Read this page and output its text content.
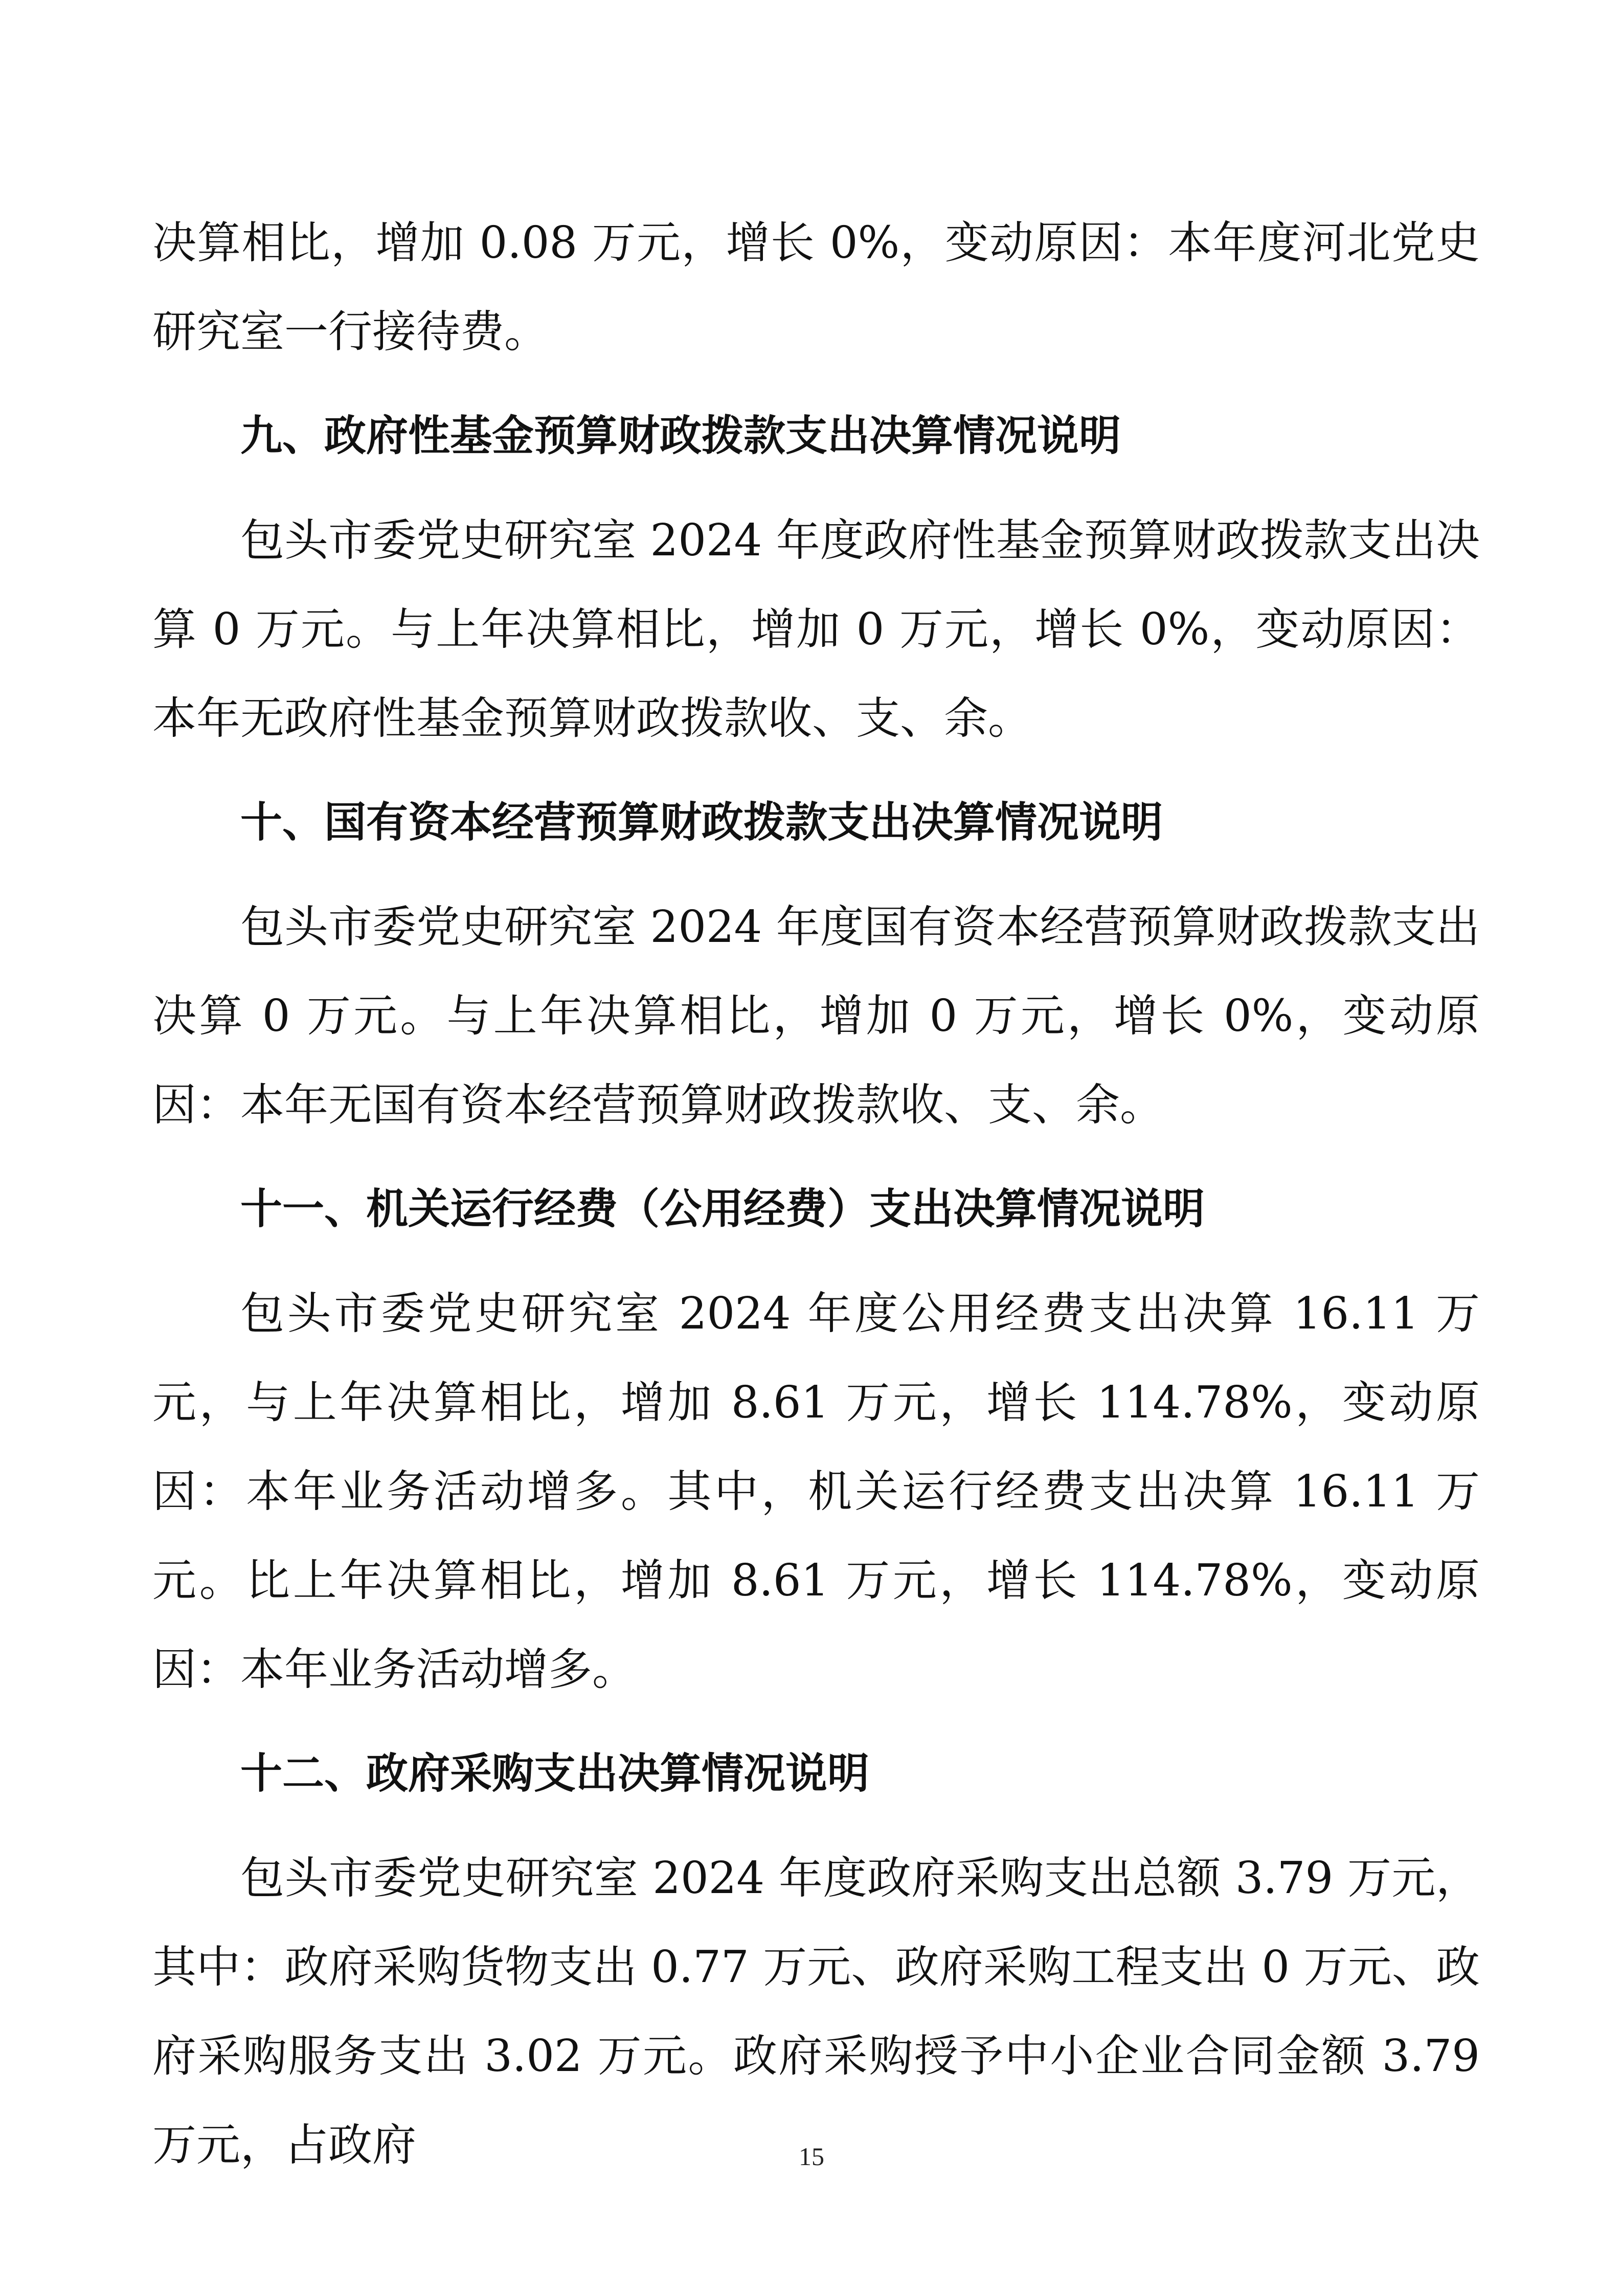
决算相比，增加 0.08 万元，增长 0%，变动原因：本年度河北党史研究室一行接待费。

九、政府性基金预算财政拨款支出决算情况说明

包头市委党史研究室 2024 年度政府性基金预算财政拨款支出决算 0 万元。与上年决算相比，增加 0 万元，增长 0%，变动原因：本年无政府性基金预算财政拨款收、支、余。

十、国有资本经营预算财政拨款支出决算情况说明

包头市委党史研究室 2024 年度国有资本经营预算财政拨款支出决算 0 万元。与上年决算相比，增加 0 万元，增长 0%，变动原因：本年无国有资本经营预算财政拨款收、支、余。

十一、机关运行经费（公用经费）支出决算情况说明

包头市委党史研究室 2024 年度公用经费支出决算 16.11 万元，与上年决算相比，增加 8.61 万元，增长 114.78%，变动原因：本年业务活动增多。其中，机关运行经费支出决算 16.11 万元。比上年决算相比，增加 8.61 万元，增长 114.78%，变动原因：本年业务活动增多。

十二、政府采购支出决算情况说明

包头市委党史研究室 2024 年度政府采购支出总额 3.79 万元，其中：政府采购货物支出 0.77 万元、政府采购工程支出 0 万元、政府采购服务支出 3.02 万元。政府采购授予中小企业合同金额 3.79 万元，占政府	15
